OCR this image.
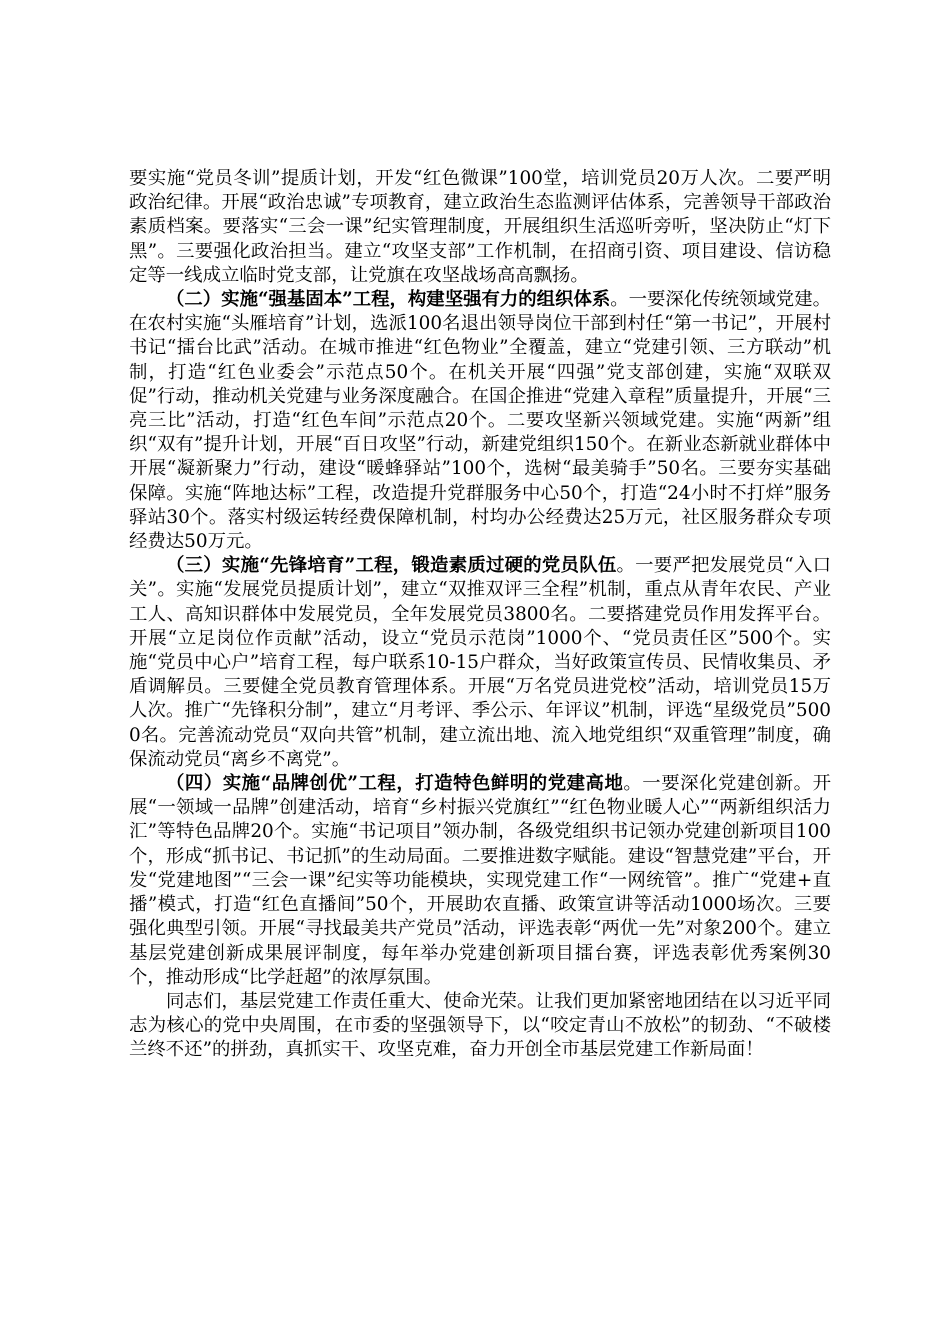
要实施“党员冬训”提质计划，开发“红色微课”100堂，培训党员20万人次。二要严明政治纪律。开展“政治忠诚”专项教育，建立政治生态监测评估体系，完善领导干部政治素质档案。要落实“三会一课”纪实管理制度，开展组织生活巡听旁听，坚决防止“灯下黑”。三要强化政治担当。建立“攻坚支部”工作机制，在招商引资、项目建设、信访稳定等一线成立临时党支部，让党旗在攻坚战场高高飘扬。

（二）实施“强基固本”工程，构建坚强有力的组织体系。一要深化传统领域党建。在农村实施“头雁培育”计划，选派100名退出领导岗位干部到村任“第一书记”，开展村书记“擂台比武”活动。在城市推进“红色物业”全覆盖，建立“党建引领、三方联动”机制，打造“红色业委会”示范点50个。在机关开展“四强”党支部创建，实施“双联双促”行动，推动机关党建与业务深度融合。在国企推进“党建入章程”质量提升，开展“三亮三比”活动，打造“红色车间”示范点20个。二要攻坚新兴领域党建。实施“两新”组织“双有”提升计划，开展“百日攻坚”行动，新建党组织150个。在新业态新就业群体中开展“凝新聚力”行动，建设“暖蜂驿站”100个，选树“最美骑手”50名。三要夯实基础保障。实施“阵地达标”工程，改造提升党群服务中心50个，打造“24小时不打烊”服务驿站30个。落实村级运转经费保障机制，村均办公经费达25万元，社区服务群众专项经费达50万元。

（三）实施“先锋培育”工程，锻造素质过硬的党员队伍。一要严把发展党员“入口关”。实施“发展党员提质计划”，建立“双推双评三全程”机制，重点从青年农民、产业工人、高知识群体中发展党员，全年发展党员3800名。二要搭建党员作用发挥平台。开展“立足岗位作贡献”活动，设立“党员示范岗”1000个、“党员责任区”500个。实施“党员中心户”培育工程，每户联系10-15户群众，当好政策宣传员、民情收集员、矛盾调解员。三要健全党员教育管理体系。开展“万名党员进党校”活动，培训党员15万人次。推广“先锋积分制”，建立“月考评、季公示、年评议”机制，评选“星级党员”5000名。完善流动党员“双向共管”机制，建立流出地、流入地党组织“双重管理”制度，确保流动党员“离乡不离党”。

（四）实施“品牌创优”工程，打造特色鲜明的党建高地。一要深化党建创新。开展“一领域一品牌”创建活动，培育“乡村振兴党旗红”“红色物业暖人心”“两新组织活力汇”等特色品牌20个。实施“书记项目”领办制，各级党组织书记领办党建创新项目100个，形成“抓书记、书记抓”的生动局面。二要推进数字赋能。建设“智慧党建”平台，开发“党建地图”“三会一课”纪实等功能模块，实现党建工作“一网统管”。推广“党建+直播”模式，打造“红色直播间”50个，开展助农直播、政策宣讲等活动1000场次。三要强化典型引领。开展“寻找最美共产党员”活动，评选表彰“两优一先”对象200个。建立基层党建创新成果展评制度，每年举办党建创新项目擂台赛，评选表彰优秀案例30个，推动形成“比学赶超”的浓厚氛围。

同志们，基层党建工作责任重大、使命光荣。让我们更加紧密地团结在以习近平同志为核心的党中央周围，在市委的坚强领导下，以“咬定青山不放松”的韧劲、“不破楼兰终不还”的拼劲，真抓实干、攻坚克难，奋力开创全市基层党建工作新局面！
